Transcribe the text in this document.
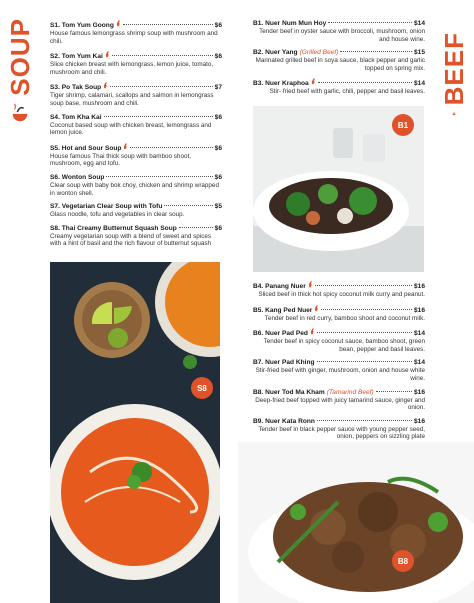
SOUP	BEEF
S1. Tom Yum Goong	$6
House famous lemongrass shrimp soup with mushroom and chili.
S2. Tom Yum Kai	$6
Slice chicken breast with lemongrass, lemon juice, tomato, mushroom and chili.
S3. Po Tak Soup	$7
Tiger shrimp, calamari, scallops and salmon in lemongrass soup base, mushroom and chili.
S4. Tom Kha Kai	$6
Coconut based soup with chicken breast, lemongrass and lemon juice.
S5. Hot and Sour Soup	$6
House famous Thai thick soup with bamboo shoot, mushroom, egg and tofu.
S6. Wonton Soup	$6
Clear soup with baby bok choy, chicken and shrimp wrapped in wonton shell.
S7. Vegetarian Clear Soup with Tofu	$5
Glass noodle, tofu and vegetables in clear soup.
S8. Thai Creamy Butternut Squash Soup	$6
Creamy vegetarian soup with a blend of sweet and spices with a hint of basil and the rich flavour of butternut squash
B1. Nuer Num Mun Hoy	$14
Tender beef in oyster sauce with broccoli, mushroom, onion and house wine.
B2. Nuer Yang (Grilled Beef)	$15
Marinated grilled beef in soya sauce, black pepper and garlic topped on spring mix.
B3. Nuer Kraphoa	$14
Stir- fried beef with garlic, chili, pepper and basil leaves.
B4. Panang Nuer	$16
Sliced beef in thick hot spicy coconut milk curry and peanut.
B5. Kang Ped Nuer	$16
Tender beef in red curry, bamboo shoot and coconut milk.
B6. Nuer Pad Ped	$14
Tender beef in spicy coconut sauce, bamboo shoot, green bean, pepper and basil leaves.
B7. Nuer Pad Khing	$14
Stir-fried beef with ginger, mushroom, onion and house white wine.
B8. Nuer Tod Ma Kham (Tamarind Beef)	$16
Deep-fried beef topped with juicy tamarind sauce, ginger and onion.
B9. Nuer Kata Ronn	$16
Tender beef in black pepper sauce with young pepper seed, onion, peppers on sizzling plate
S8
B1
B8
